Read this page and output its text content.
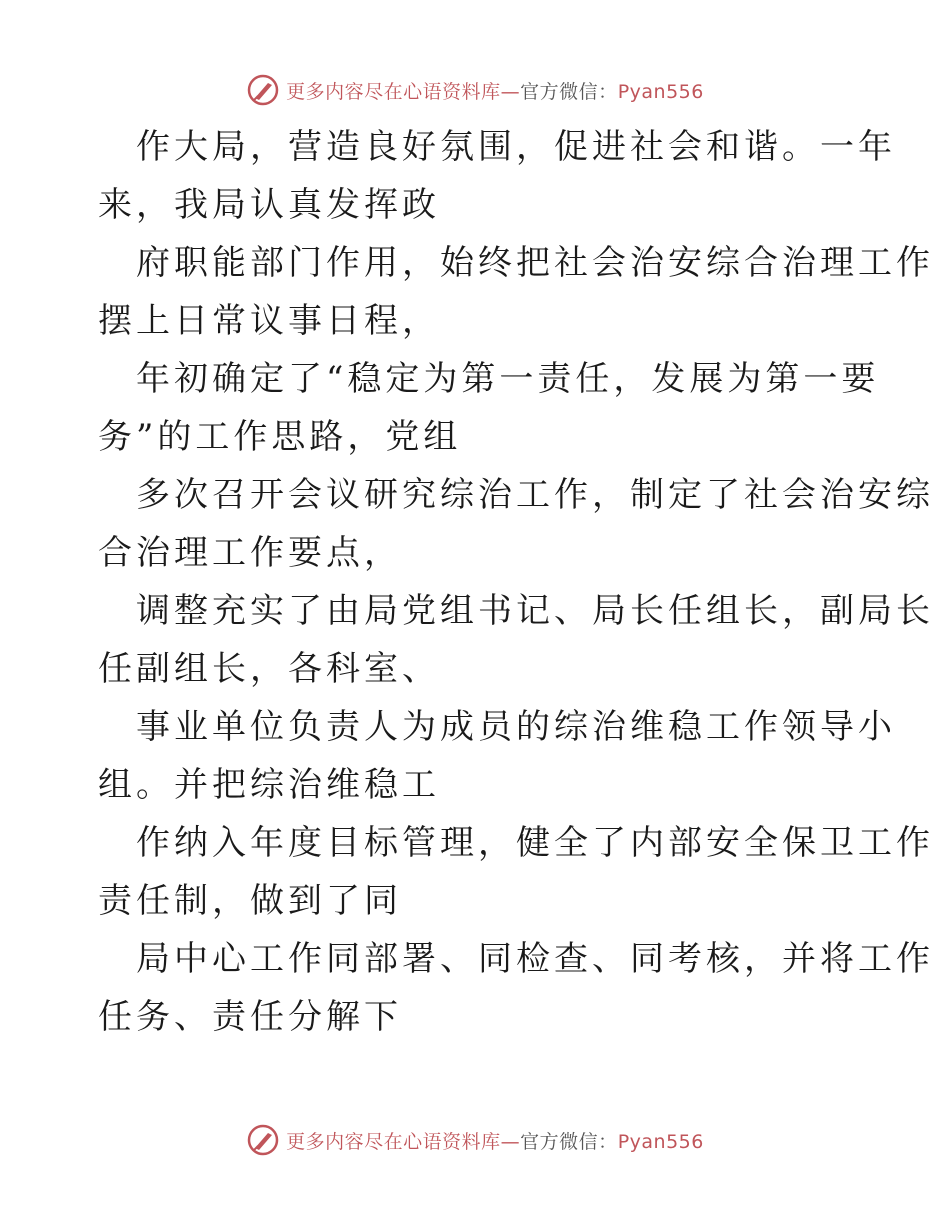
更多内容尽在心语资料库—官方微信：Pyan556
作大局，营造良好氛围，促进社会和谐。一年
来，我局认真发挥政
府职能部门作用，始终把社会治安综合治理工作
摆上日常议事日程，
年初确定了“稳定为第一责任，发展为第一要
务”的工作思路，党组
多次召开会议研究综治工作，制定了社会治安综
合治理工作要点，
调整充实了由局党组书记、局长任组长，副局长
任副组长，各科室、
事业单位负责人为成员的综治维稳工作领导小
组。并把综治维稳工
作纳入年度目标管理，健全了内部安全保卫工作
责任制，做到了同
局中心工作同部署、同检查、同考核，并将工作
任务、责任分解下
更多内容尽在心语资料库—官方微信：Pyan556
